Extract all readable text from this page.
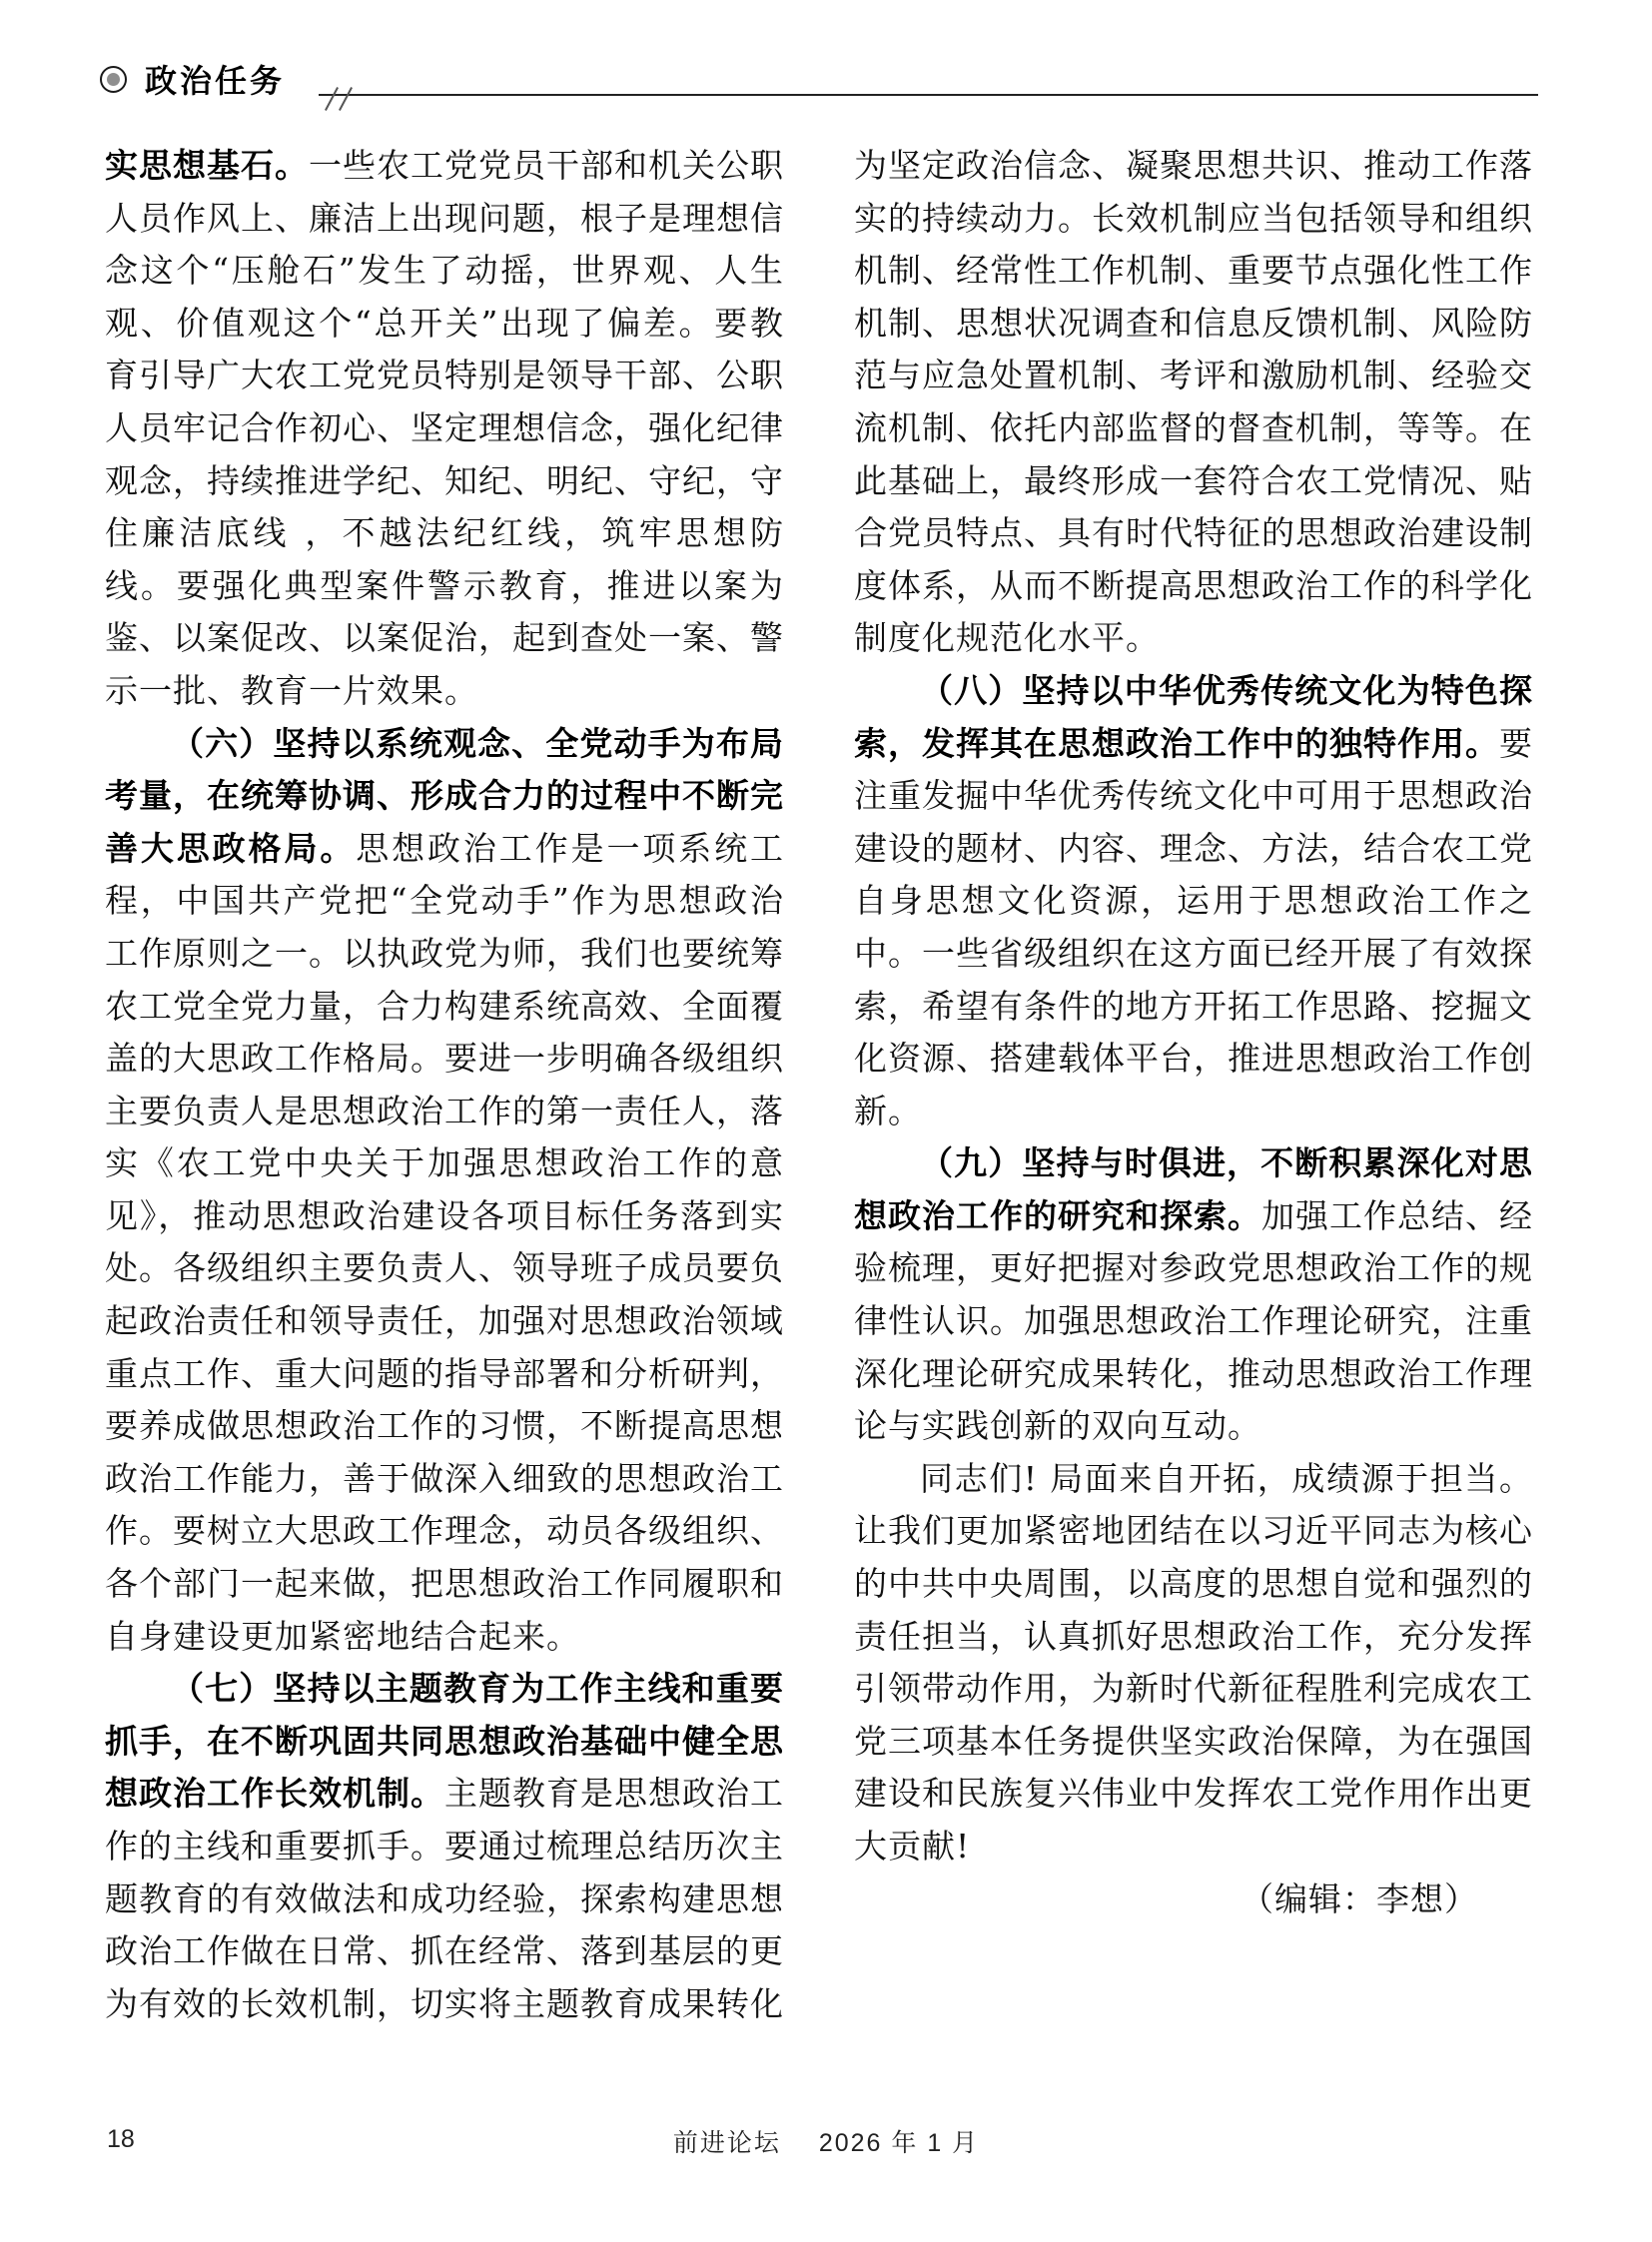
政治任务

实思想基石。一些农工党党员干部和机关公职人员作风上、廉洁上出现问题，根子是理想信念这个“压舱石”发生了动摇，世界观、人生观、价值观这个“总开关”出现了偏差。要教育引导广大农工党党员特别是领导干部、公职人员牢记合作初心、坚定理想信念，强化纪律观念，持续推进学纪、知纪、明纪、守纪，守住廉洁底线 ，不越法纪红线，筑牢思想防线。要强化典型案件警示教育，推进以案为鉴、以案促改、以案促治，起到查处一案、警示一批、教育一片效果。

（六）坚持以系统观念、全党动手为布局考量，在统筹协调、形成合力的过程中不断完善大思政格局。思想政治工作是一项系统工程，中国共产党把“全党动手”作为思想政治工作原则之一。以执政党为师，我们也要统筹农工党全党力量，合力构建系统高效、全面覆盖的大思政工作格局。要进一步明确各级组织主要负责人是思想政治工作的第一责任人，落实《农工党中央关于加强思想政治工作的意见》，推动思想政治建设各项目标任务落到实处。各级组织主要负责人、领导班子成员要负起政治责任和领导责任，加强对思想政治领域重点工作、重大问题的指导部署和分析研判，要养成做思想政治工作的习惯，不断提高思想政治工作能力，善于做深入细致的思想政治工作。要树立大思政工作理念，动员各级组织、各个部门一起来做，把思想政治工作同履职和自身建设更加紧密地结合起来。

（七）坚持以主题教育为工作主线和重要抓手，在不断巩固共同思想政治基础中健全思想政治工作长效机制。主题教育是思想政治工作的主线和重要抓手。要通过梳理总结历次主题教育的有效做法和成功经验，探索构建思想政治工作做在日常、抓在经常、落到基层的更为有效的长效机制，切实将主题教育成果转化为坚定政治信念、凝聚思想共识、推动工作落实的持续动力。长效机制应当包括领导和组织机制、经常性工作机制、重要节点强化性工作机制、思想状况调查和信息反馈机制、风险防范与应急处置机制、考评和激励机制、经验交流机制、依托内部监督的督查机制，等等。在此基础上，最终形成一套符合农工党情况、贴合党员特点、具有时代特征的思想政治建设制度体系，从而不断提高思想政治工作的科学化制度化规范化水平。

（八）坚持以中华优秀传统文化为特色探索，发挥其在思想政治工作中的独特作用。要注重发掘中华优秀传统文化中可用于思想政治建设的题材、内容、理念、方法，结合农工党自身思想文化资源，运用于思想政治工作之中。一些省级组织在这方面已经开展了有效探索，希望有条件的地方开拓工作思路、挖掘文化资源、搭建载体平台，推进思想政治工作创新。

（九）坚持与时俱进，不断积累深化对思想政治工作的研究和探索。加强工作总结、经验梳理，更好把握对参政党思想政治工作的规律性认识。加强思想政治工作理论研究，注重深化理论研究成果转化，推动思想政治工作理论与实践创新的双向互动。

同志们! 局面来自开拓，成绩源于担当。让我们更加紧密地团结在以习近平同志为核心的中共中央周围，以高度的思想自觉和强烈的责任担当，认真抓好思想政治工作，充分发挥引领带动作用，为新时代新征程胜利完成农工党三项基本任务提供坚实政治保障，为在强国建设和民族复兴伟业中发挥农工党作用作出更大贡献!

（编辑：李想）

18	前进论坛 2026 年 1 月
